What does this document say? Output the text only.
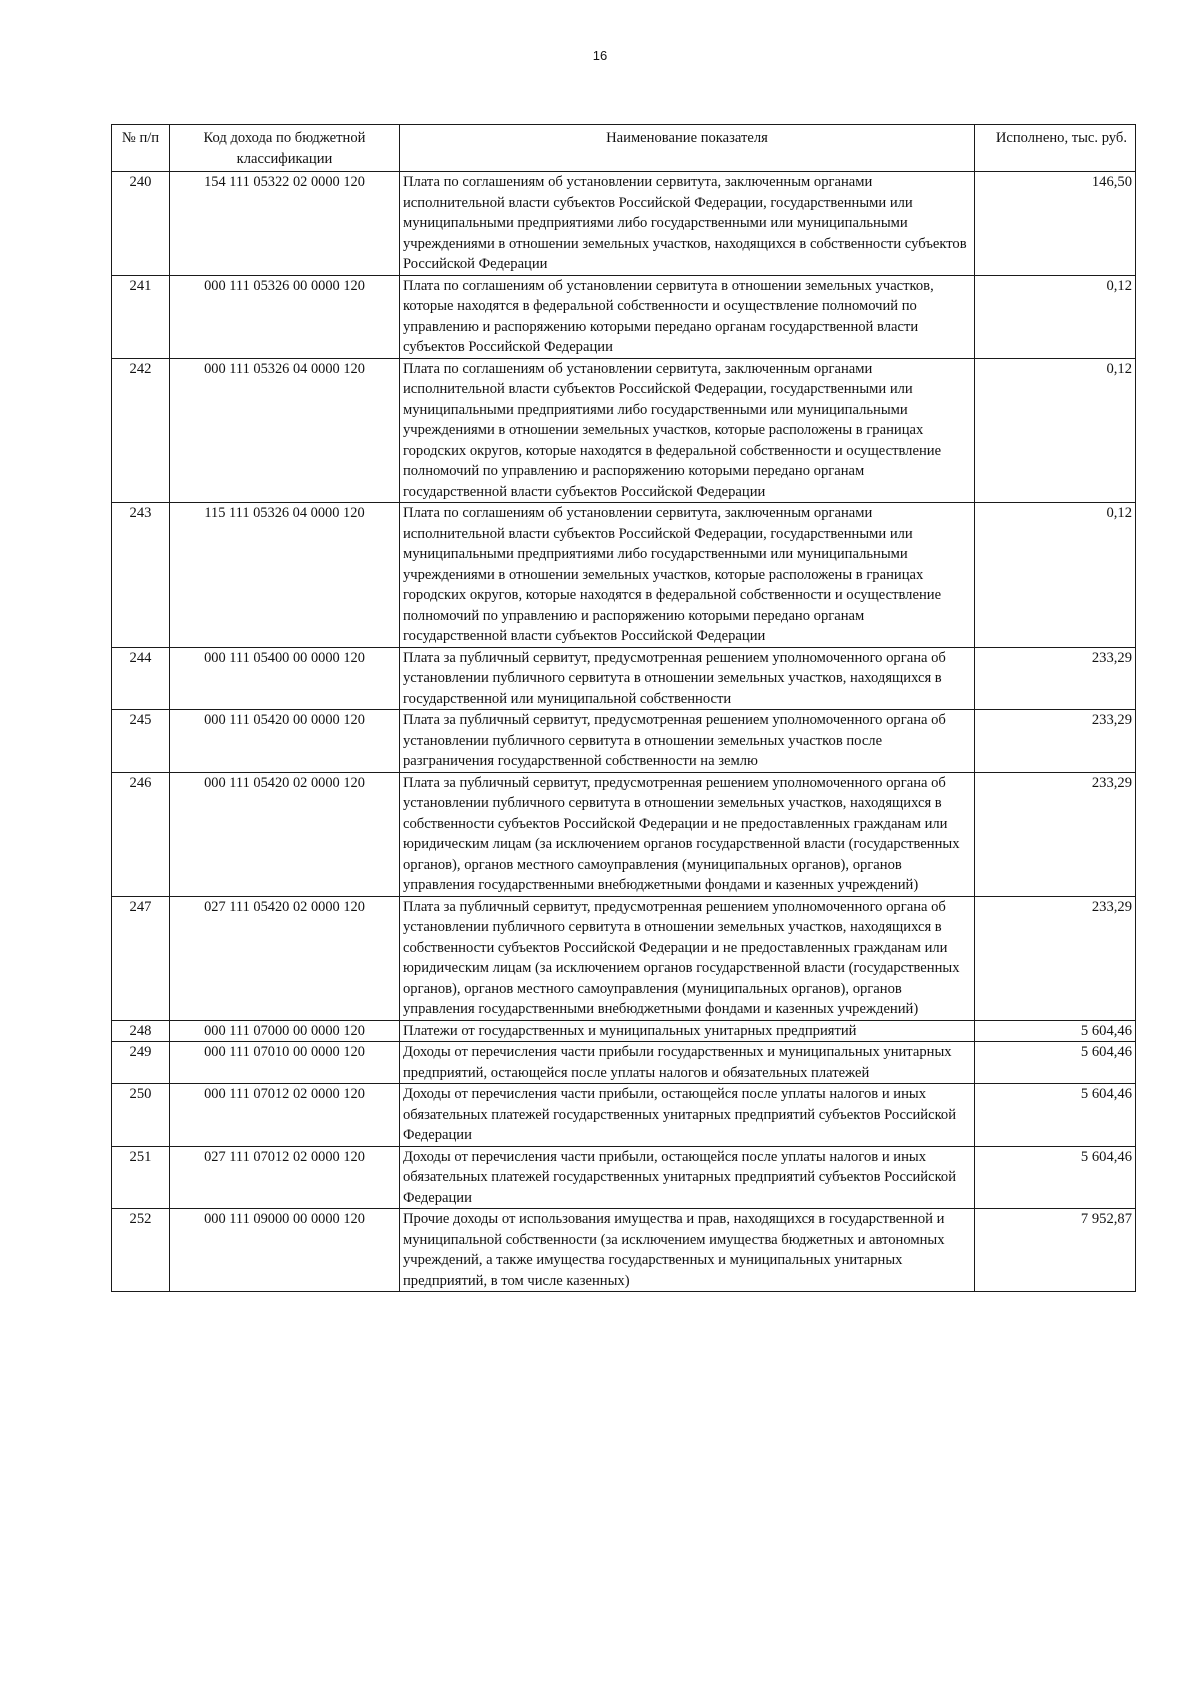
16
№ п/п	Код дохода по бюджетной классификации	Наименование показателя	Исполнено, тыс. руб.
240	154 111 05322 02 0000 120	Плата по соглашениям об установлении сервитута, заключенным органами исполнительной власти субъектов Российской Федерации, государственными или муниципальными предприятиями либо государственными или муниципальными учреждениями в отношении земельных участков, находящихся в собственности субъектов Российской Федерации	146,50
241	000 111 05326 00 0000 120	Плата по соглашениям об установлении сервитута в отношении земельных участков, которые находятся в федеральной собственности и осуществление полномочий по управлению и распоряжению которыми передано органам государственной власти субъектов Российской Федерации	0,12
242	000 111 05326 04 0000 120	Плата по соглашениям об установлении сервитута, заключенным органами исполнительной власти субъектов Российской Федерации, государственными или муниципальными предприятиями либо государственными или муниципальными учреждениями в отношении земельных участков, которые расположены в границах городских округов, которые находятся в федеральной собственности и осуществление полномочий по управлению и распоряжению которыми передано органам государственной власти субъектов Российской Федерации	0,12
243	115 111 05326 04 0000 120	Плата по соглашениям об установлении сервитута, заключенным органами исполнительной власти субъектов Российской Федерации, государственными или муниципальными предприятиями либо государственными или муниципальными учреждениями в отношении земельных участков, которые расположены в границах городских округов, которые находятся в федеральной собственности и осуществление полномочий по управлению и распоряжению которыми передано органам государственной власти субъектов Российской Федерации	0,12
244	000 111 05400 00 0000 120	Плата за публичный сервитут, предусмотренная решением уполномоченного органа об установлении публичного сервитута в отношении земельных участков, находящихся в государственной или муниципальной собственности	233,29
245	000 111 05420 00 0000 120	Плата за публичный сервитут, предусмотренная решением уполномоченного органа об установлении публичного сервитута в отношении земельных участков после разграничения государственной собственности на землю	233,29
246	000 111 05420 02 0000 120	Плата за публичный сервитут, предусмотренная решением уполномоченного органа об установлении публичного сервитута в отношении земельных участков, находящихся в собственности субъектов Российской Федерации и не предоставленных гражданам или юридическим лицам (за исключением органов государственной власти (государственных органов), органов местного самоуправления (муниципальных органов), органов управления государственными внебюджетными фондами и казенных учреждений)	233,29
247	027 111 05420 02 0000 120	Плата за публичный сервитут, предусмотренная решением уполномоченного органа об установлении публичного сервитута в отношении земельных участков, находящихся в собственности субъектов Российской Федерации и не предоставленных гражданам или юридическим лицам (за исключением органов государственной власти (государственных органов), органов местного самоуправления (муниципальных органов), органов управления государственными внебюджетными фондами и казенных учреждений)	233,29
248	000 111 07000 00 0000 120	Платежи от государственных и муниципальных унитарных предприятий	5 604,46
249	000 111 07010 00 0000 120	Доходы от перечисления части прибыли государственных и муниципальных унитарных предприятий, остающейся после уплаты налогов и обязательных платежей	5 604,46
250	000 111 07012 02 0000 120	Доходы от перечисления части прибыли, остающейся после уплаты налогов и иных обязательных платежей государственных унитарных предприятий субъектов Российской Федерации	5 604,46
251	027 111 07012 02 0000 120	Доходы от перечисления части прибыли, остающейся после уплаты налогов и иных обязательных платежей государственных унитарных предприятий субъектов Российской Федерации	5 604,46
252	000 111 09000 00 0000 120	Прочие доходы от использования имущества и прав, находящихся в государственной и муниципальной собственности (за исключением имущества бюджетных и автономных учреждений, а также имущества государственных и муниципальных унитарных предприятий, в том числе казенных)	7 952,87
